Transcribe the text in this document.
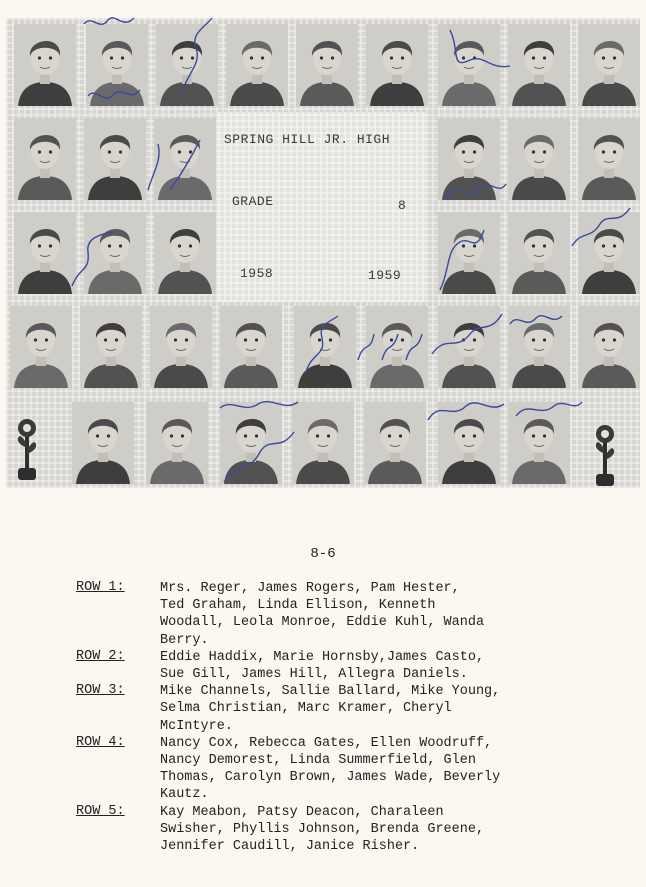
SPRING HILL JR. HIGH
GRADE	8
1958	1959
8-6
ROW 1:	Mrs. Reger, James Rogers, Pam Hester,
Ted Graham, Linda Ellison, Kenneth
Woodall, Leola Monroe, Eddie Kuhl, Wanda
Berry.
ROW 2:	Eddie Haddix, Marie Hornsby,James Casto,
Sue Gill, James Hill, Allegra Daniels.
ROW 3:	Mike Channels, Sallie Ballard, Mike Young,
Selma Christian, Marc Kramer, Cheryl
McIntyre.
ROW 4:	Nancy Cox, Rebecca Gates, Ellen Woodruff,
Nancy Demorest, Linda Summerfield, Glen
Thomas, Carolyn Brown, James Wade, Beverly
Kautz.
ROW 5:	Kay Meabon, Patsy Deacon, Charaleen
Swisher, Phyllis Johnson, Brenda Greene,
Jennifer Caudill, Janice Risher.
